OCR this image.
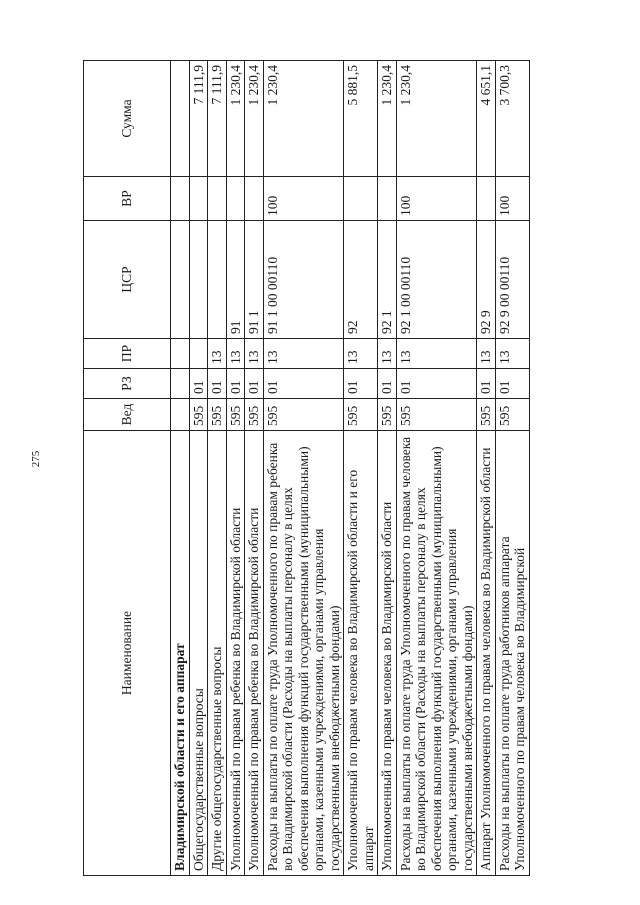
275
Наименование	Вед	РЗ	ПР	ЦСР	ВР	Сумма
Владимирской области и его аппарат						
Общегосударственные вопросы	595	01				7 111,9
Другие общегосударственные вопросы	595	01	13			7 111,9
Уполномоченный по правам ребенка во Владимирской области	595	01	13	91		1 230,4
Уполномоченный по правам ребенка во Владимирской области	595	01	13	91 1		1 230,4
Расходы на выплаты по оплате труда Уполномоченного по правам ребенка во Владимирской области (Расходы на выплаты персоналу в целях обеспечения выполнения функций государственными (муниципальными) органами, казенными учреждениями, органами управления государственными внебюджетными фондами)	595	01	13	91 1 00 00110	100	1 230,4
Уполномоченный по правам человека во Владимирской области и его аппарат	595	01	13	92		5 881,5
Уполномоченный по правам человека во Владимирской области	595	01	13	92 1		1 230,4
Расходы на выплаты по оплате труда Уполномоченного по правам человека во Владимирской области (Расходы на выплаты персоналу в целях обеспечения выполнения функций государственными (муниципальными) органами, казенными учреждениями, органами управления государственными внебюджетными фондами)	595	01	13	92 1 00 00110	100	1 230,4
Аппарат Уполномоченного по правам человека во Владимирской области	595	01	13	92 9		4 651,1
Расходы на выплаты по оплате труда работников аппарата Уполномоченного по правам человека во Владимирской	595	01	13	92 9 00 00110	100	3 700,3
